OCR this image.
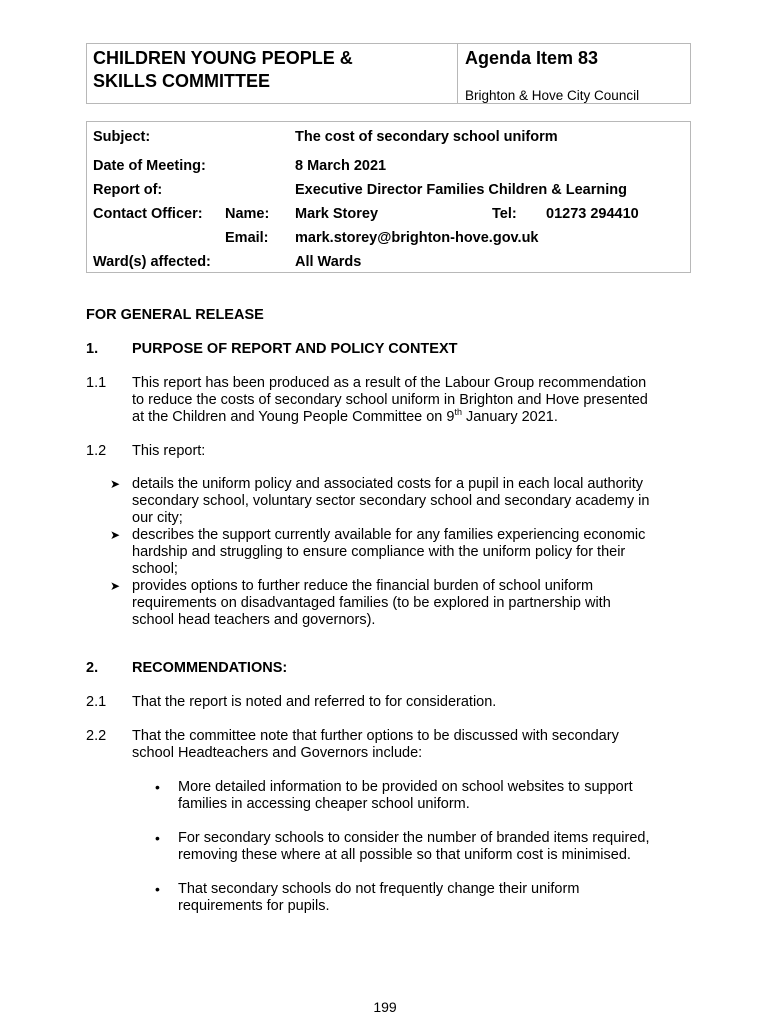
CHILDREN YOUNG PEOPLE &
SKILLS COMMITTEE
Agenda Item 83
Brighton & Hove City Council
Subject:	The cost of secondary school uniform
Date of Meeting:	8 March 2021
Report of:	Executive Director Families Children & Learning
Contact Officer: Name: Mark Storey	Tel: 01273 294410
Email: mark.storey@brighton-hove.gov.uk
Ward(s) affected:	All Wards
FOR GENERAL RELEASE
1. PURPOSE OF REPORT AND POLICY CONTEXT
1.1 This report has been produced as a result of the Labour Group recommendation
to reduce the costs of secondary school uniform in Brighton and Hove presented
at the Children and Young People Committee on 9th January 2021.
1.2 This report:
➤ details the uniform policy and associated costs for a pupil in each local authority
secondary school, voluntary sector secondary school and secondary academy in
our city;
➤ describes the support currently available for any families experiencing economic
hardship and struggling to ensure compliance with the uniform policy for their
school;
➤ provides options to further reduce the financial burden of school uniform
requirements on disadvantaged families (to be explored in partnership with
school head teachers and governors).
2. RECOMMENDATIONS:
2.1 That the report is noted and referred to for consideration.
2.2 That the committee note that further options to be discussed with secondary
school Headteachers and Governors include:
• More detailed information to be provided on school websites to support
families in accessing cheaper school uniform.
• For secondary schools to consider the number of branded items required,
removing these where at all possible so that uniform cost is minimised.
• That secondary schools do not frequently change their uniform
requirements for pupils.
199
